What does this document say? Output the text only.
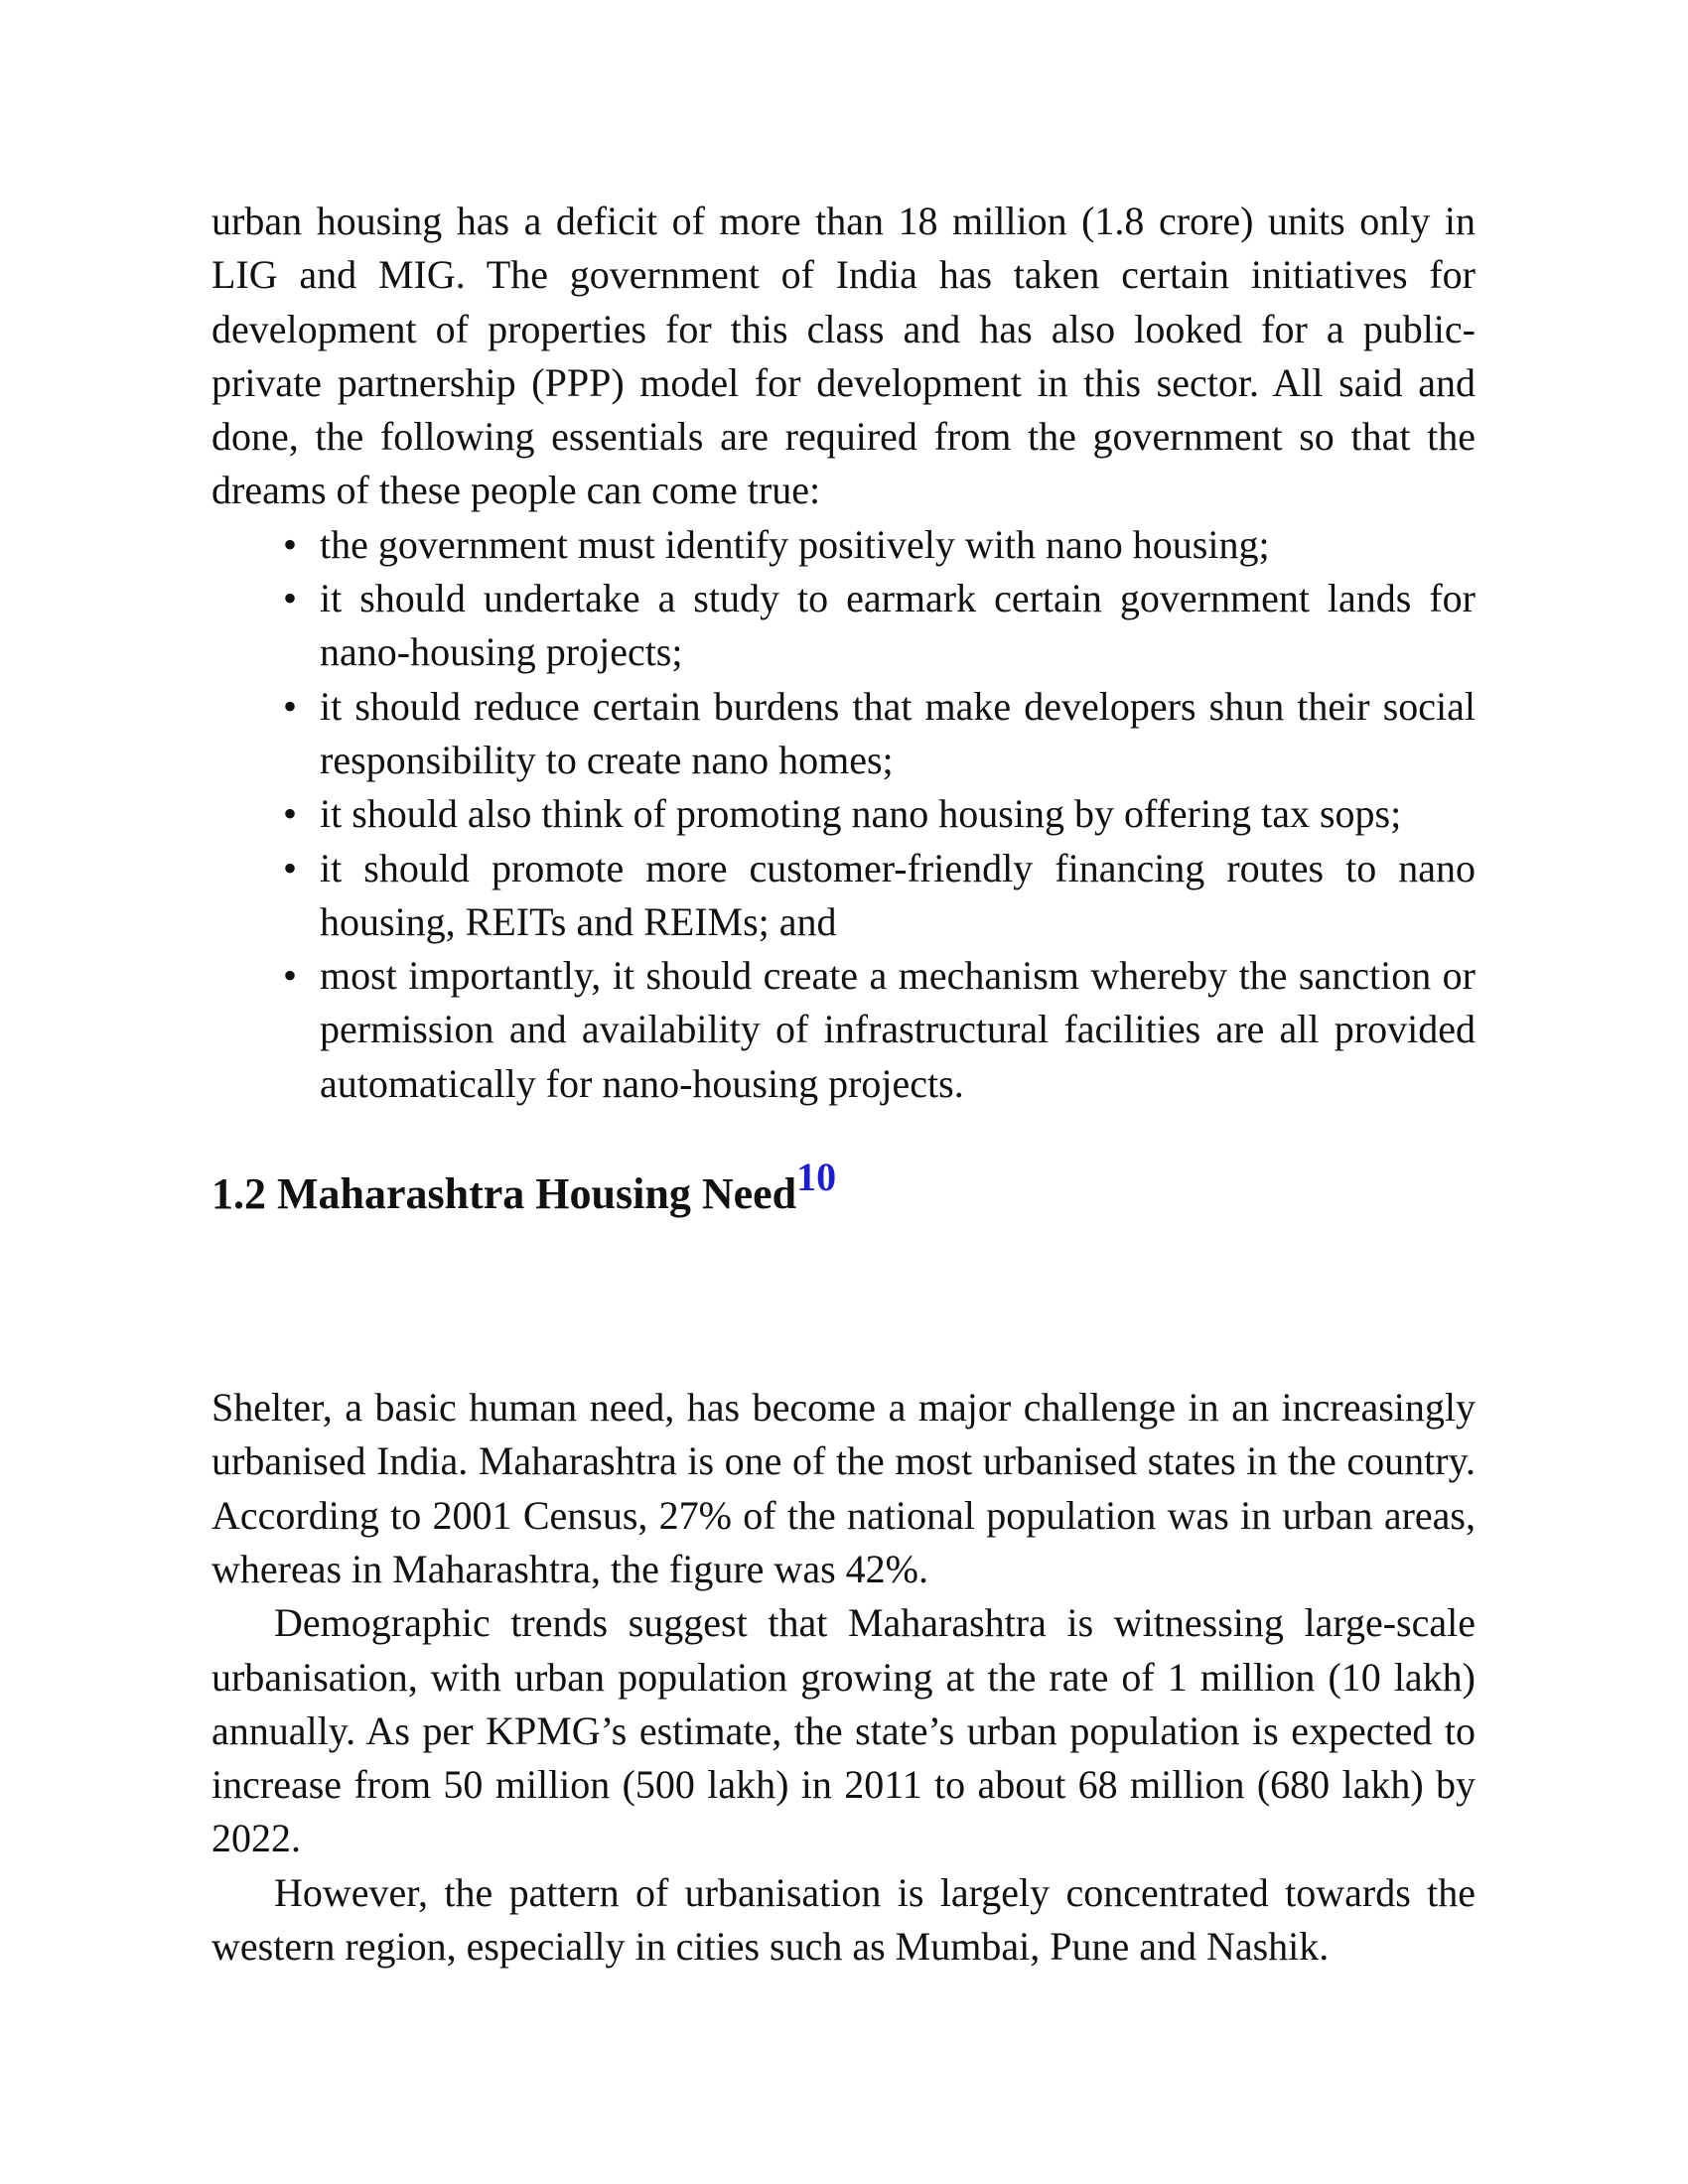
urban housing has a deficit of more than 18 million (1.8 crore) units only in LIG and MIG. The government of India has taken certain initiatives for development of properties for this class and has also looked for a public-private partnership (PPP) model for development in this sector. All said and done, the following essentials are required from the government so that the dreams of these people can come true:

• the government must identify positively with nano housing;
• it should undertake a study to earmark certain government lands for nano-housing projects;
• it should reduce certain burdens that make developers shun their social responsibility to create nano homes;
• it should also think of promoting nano housing by offering tax sops;
• it should promote more customer-friendly financing routes to nano housing, REITs and REIMs; and
• most importantly, it should create a mechanism whereby the sanction or permission and availability of infrastructural facilities are all provided automatically for nano-housing projects.
1.2 Maharashtra Housing Need10

Shelter, a basic human need, has become a major challenge in an increasingly urbanised India. Maharashtra is one of the most urbanised states in the country. According to 2001 Census, 27% of the national population was in urban areas, whereas in Maharashtra, the figure was 42%.

Demographic trends suggest that Maharashtra is witnessing large-scale urbanisation, with urban population growing at the rate of 1 million (10 lakh) annually. As per KPMG’s estimate, the state’s urban population is expected to increase from 50 million (500 lakh) in 2011 to about 68 million (680 lakh) by 2022.

However, the pattern of urbanisation is largely concentrated towards the western region, especially in cities such as Mumbai, Pune and Nashik.
